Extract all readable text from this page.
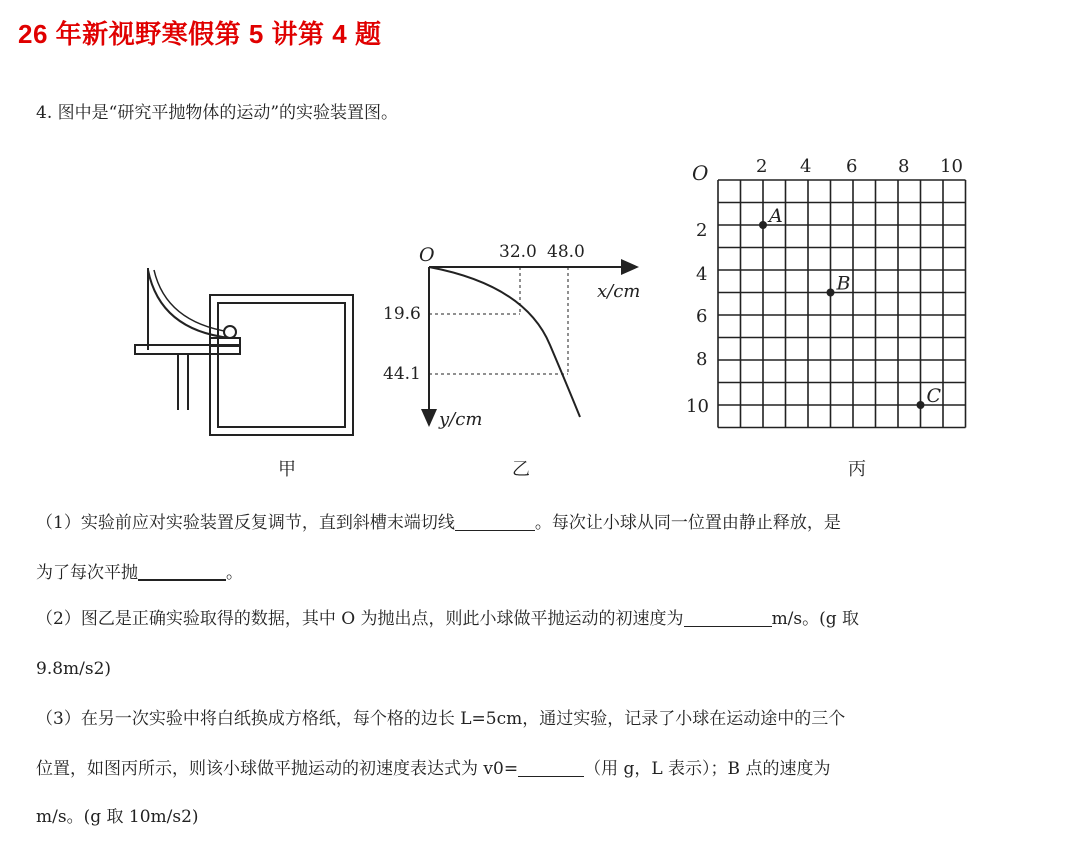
26 年新视野寒假第 5 讲第 4 题
4. 图中是“研究平抛物体的运动”的实验装置图。
甲
O	32.0 48.0
x/cm
19.6
44.1
y/cm
乙
O	2 4 6 8 10
2
4
6
8
10
A
B
C
丙
（1）实验前应对实验装置反复调节，直到斜槽末端切线	。每次让小球从同一位置由静止释放，是
为了每次平抛	。
（2）图乙是正确实验取得的数据，其中 O 为抛出点，则此小球做平抛运动的初速度为	m/s。(g 取
9.8m/s2)
（3）在另一次实验中将白纸换成方格纸，每个格的边长 L=5cm，通过实验，记录了小球在运动途中的三个
位置，如图丙所示，则该小球做平抛运动的初速度表达式为 v0=	（用 g，L 表示）；B 点的速度为
m/s。(g 取 10m/s2)
